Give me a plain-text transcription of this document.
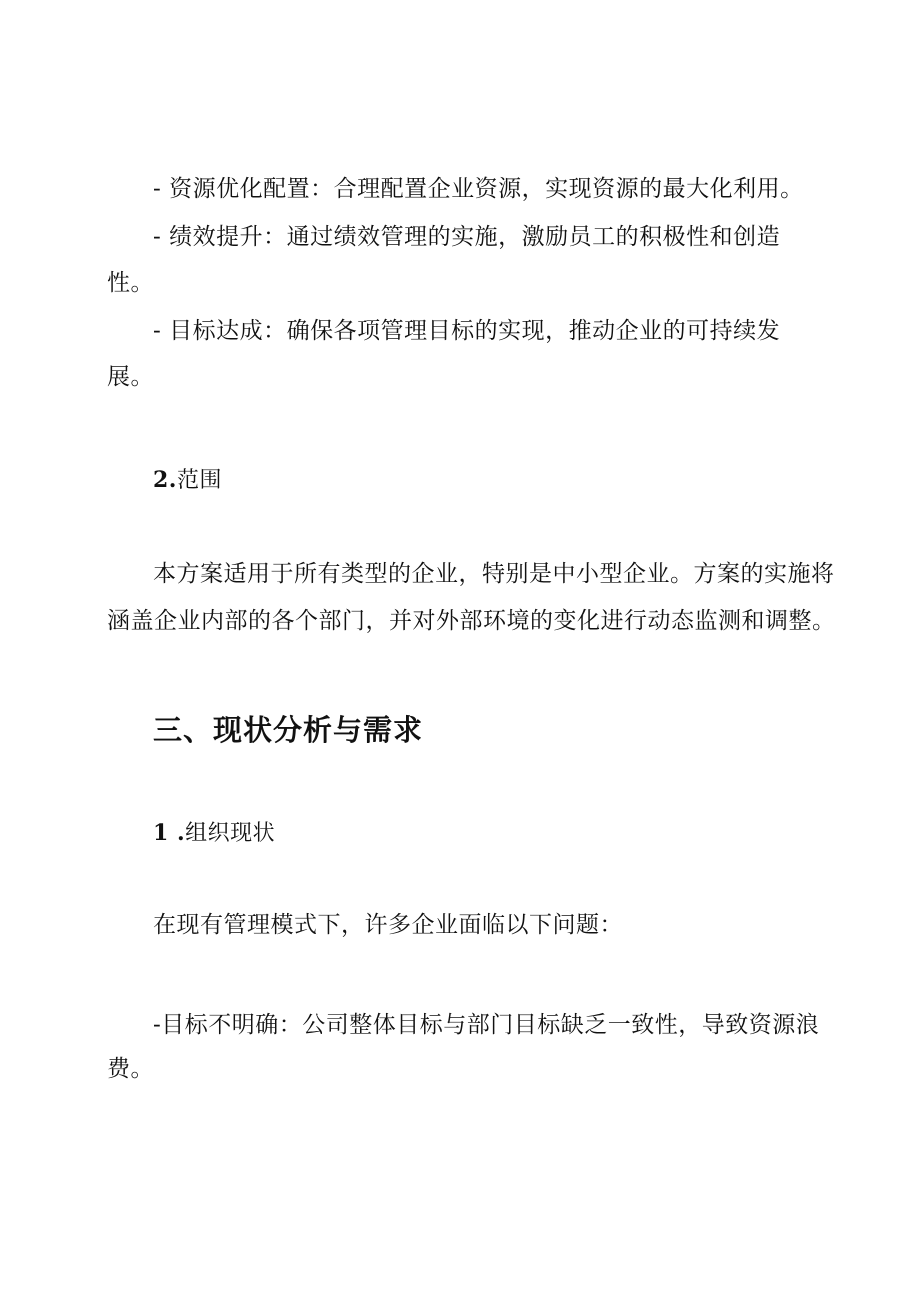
- 资源优化配置：合理配置企业资源，实现资源的最大化利用。
- 绩效提升：通过绩效管理的实施，激励员工的积极性和创造
性。
- 目标达成：确保各项管理目标的实现，推动企业的可持续发
展。
2.范围
本方案适用于所有类型的企业，特别是中小型企业。方案的实施将
涵盖企业内部的各个部门，并对外部环境的变化进行动态监测和调整。
三、现状分析与需求
1 .组织现状
在现有管理模式下，许多企业面临以下问题：
-目标不明确：公司整体目标与部门目标缺乏一致性，导致资源浪
费。
